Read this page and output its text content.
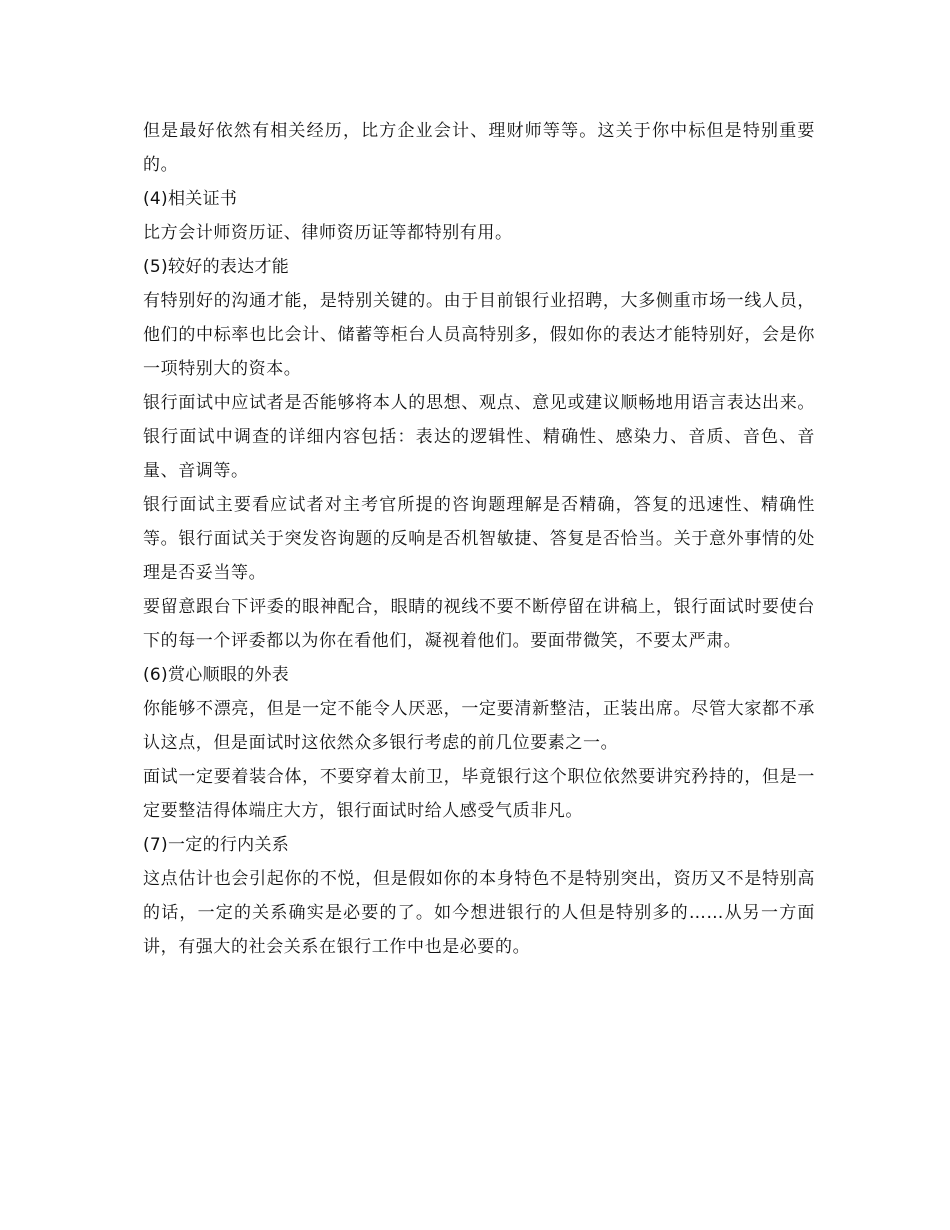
但是最好依然有相关经历，比方企业会计、理财师等等。这关于你中标但是特别重要的。

(4)相关证书

比方会计师资历证、律师资历证等都特别有用。

(5)较好的表达才能

有特别好的沟通才能，是特别关键的。由于目前银行业招聘，大多侧重市场一线人员，他们的中标率也比会计、储蓄等柜台人员高特别多，假如你的表达才能特别好，会是你一项特别大的资本。

银行面试中应试者是否能够将本人的思想、观点、意见或建议顺畅地用语言表达出来。银行面试中调查的详细内容包括：表达的逻辑性、精确性、感染力、音质、音色、音量、音调等。

银行面试主要看应试者对主考官所提的咨询题理解是否精确，答复的迅速性、精确性等。银行面试关于突发咨询题的反响是否机智敏捷、答复是否恰当。关于意外事情的处理是否妥当等。

要留意跟台下评委的眼神配合，眼睛的视线不要不断停留在讲稿上，银行面试时要使台下的每一个评委都以为你在看他们，凝视着他们。要面带微笑，不要太严肃。

(6)赏心顺眼的外表

你能够不漂亮，但是一定不能令人厌恶，一定要清新整洁，正装出席。尽管大家都不承认这点，但是面试时这依然众多银行考虑的前几位要素之一。

面试一定要着装合体，不要穿着太前卫，毕竟银行这个职位依然要讲究矜持的，但是一定要整洁得体端庄大方，银行面试时给人感受气质非凡。

(7)一定的行内关系

这点估计也会引起你的不悦，但是假如你的本身特色不是特别突出，资历又不是特别高的话，一定的关系确实是必要的了。如今想进银行的人但是特别多的……从另一方面讲，有强大的社会关系在银行工作中也是必要的。
